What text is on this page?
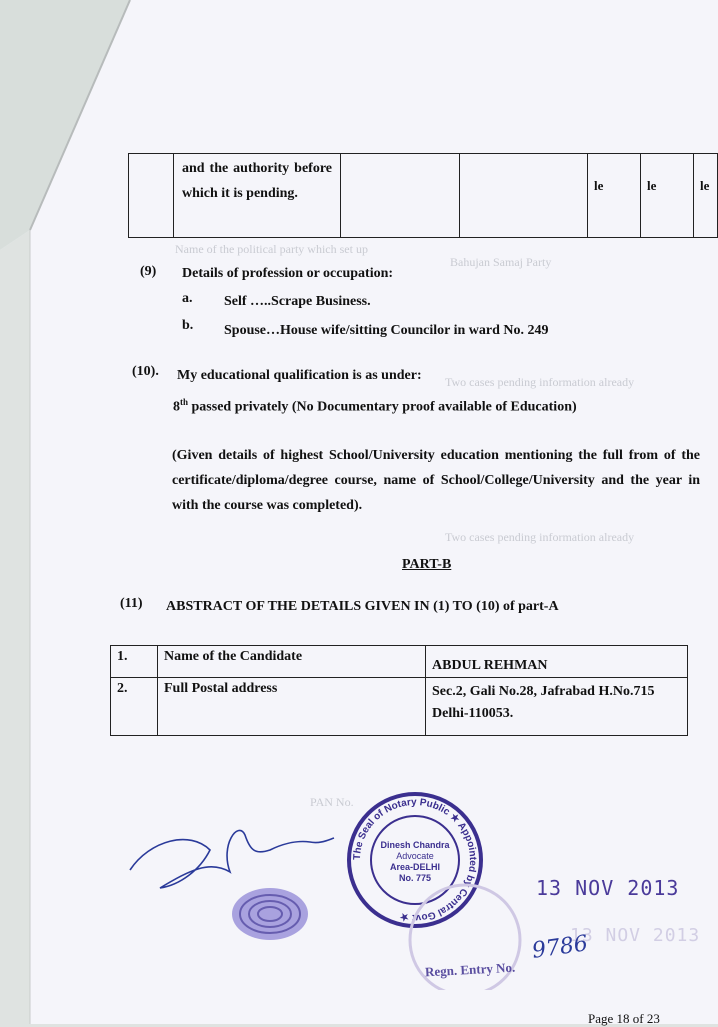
Name of the political party which set up
Bahujan Samaj Party
Two cases pending information already
Two cases pending information already
PAN No.
	and the authority before which it is pending.			le	le	le
(9) Details of profession or occupation:
a. Self …..Scrape Business.
b. Spouse…House wife/sitting Councilor in ward No. 249
(10). My educational qualification is as under:
8th passed privately (No Documentary proof available of Education)
(Given details of highest School/University education mentioning the full from of the certificate/diploma/degree course, name of School/College/University and the year in with the course was completed).
PART-B
(11) ABSTRACT OF THE DETAILS GIVEN IN (1) TO (10) of part-A
1.	Name of the Candidate	ABDUL REHMAN
2.	Full Postal address	Sec.2, Gali No.28, Jafrabad H.No.715 Delhi-110053.
The Seal of Notary Public ★ Appointed by Central Govt ★
Dinesh Chandra
Advocate
Area-DELHI
No. 775	13 NOV 2013
13 NOV 2013
Regn. Entry No.
9786
Page 18 of 23
